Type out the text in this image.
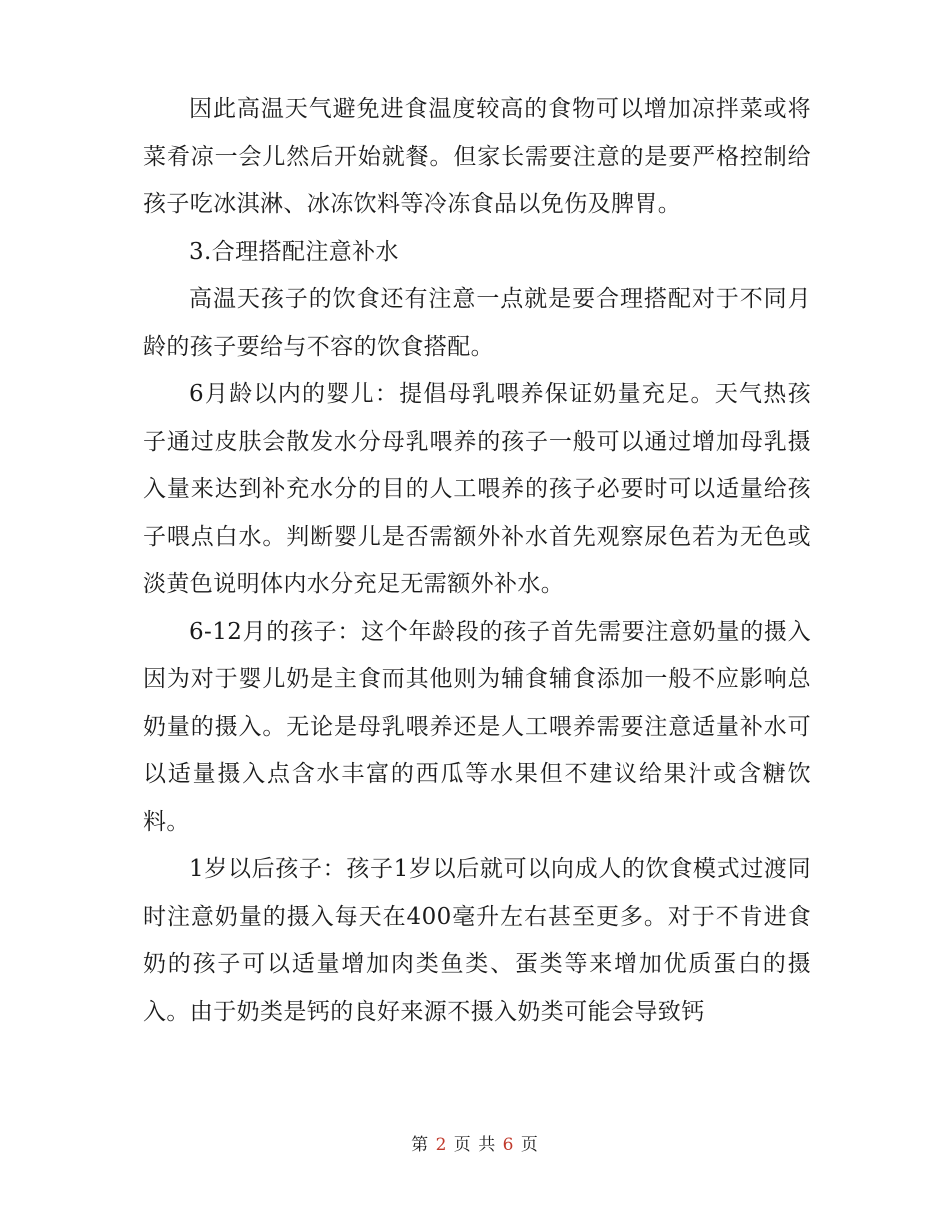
因此高温天气避免进食温度较高的食物可以增加凉拌菜或将菜肴凉一会儿然后开始就餐。但家长需要注意的是要严格控制给孩子吃冰淇淋、冰冻饮料等冷冻食品以免伤及脾胃。

3.合理搭配注意补水

高温天孩子的饮食还有注意一点就是要合理搭配对于不同月龄的孩子要给与不容的饮食搭配。

6月龄以内的婴儿：提倡母乳喂养保证奶量充足。天气热孩子通过皮肤会散发水分母乳喂养的孩子一般可以通过增加母乳摄入量来达到补充水分的目的人工喂养的孩子必要时可以适量给孩子喂点白水。判断婴儿是否需额外补水首先观察尿色若为无色或淡黄色说明体内水分充足无需额外补水。

6-12月的孩子：这个年龄段的孩子首先需要注意奶量的摄入因为对于婴儿奶是主食而其他则为辅食辅食添加一般不应影响总奶量的摄入。无论是母乳喂养还是人工喂养需要注意适量补水可以适量摄入点含水丰富的西瓜等水果但不建议给果汁或含糖饮料。

1岁以后孩子：孩子1岁以后就可以向成人的饮食模式过渡同时注意奶量的摄入每天在400毫升左右甚至更多。对于不肯进食奶的孩子可以适量增加肉类鱼类、蛋类等来增加优质蛋白的摄入。由于奶类是钙的良好来源不摄入奶类可能会导致钙

第 2 页 共 6 页
